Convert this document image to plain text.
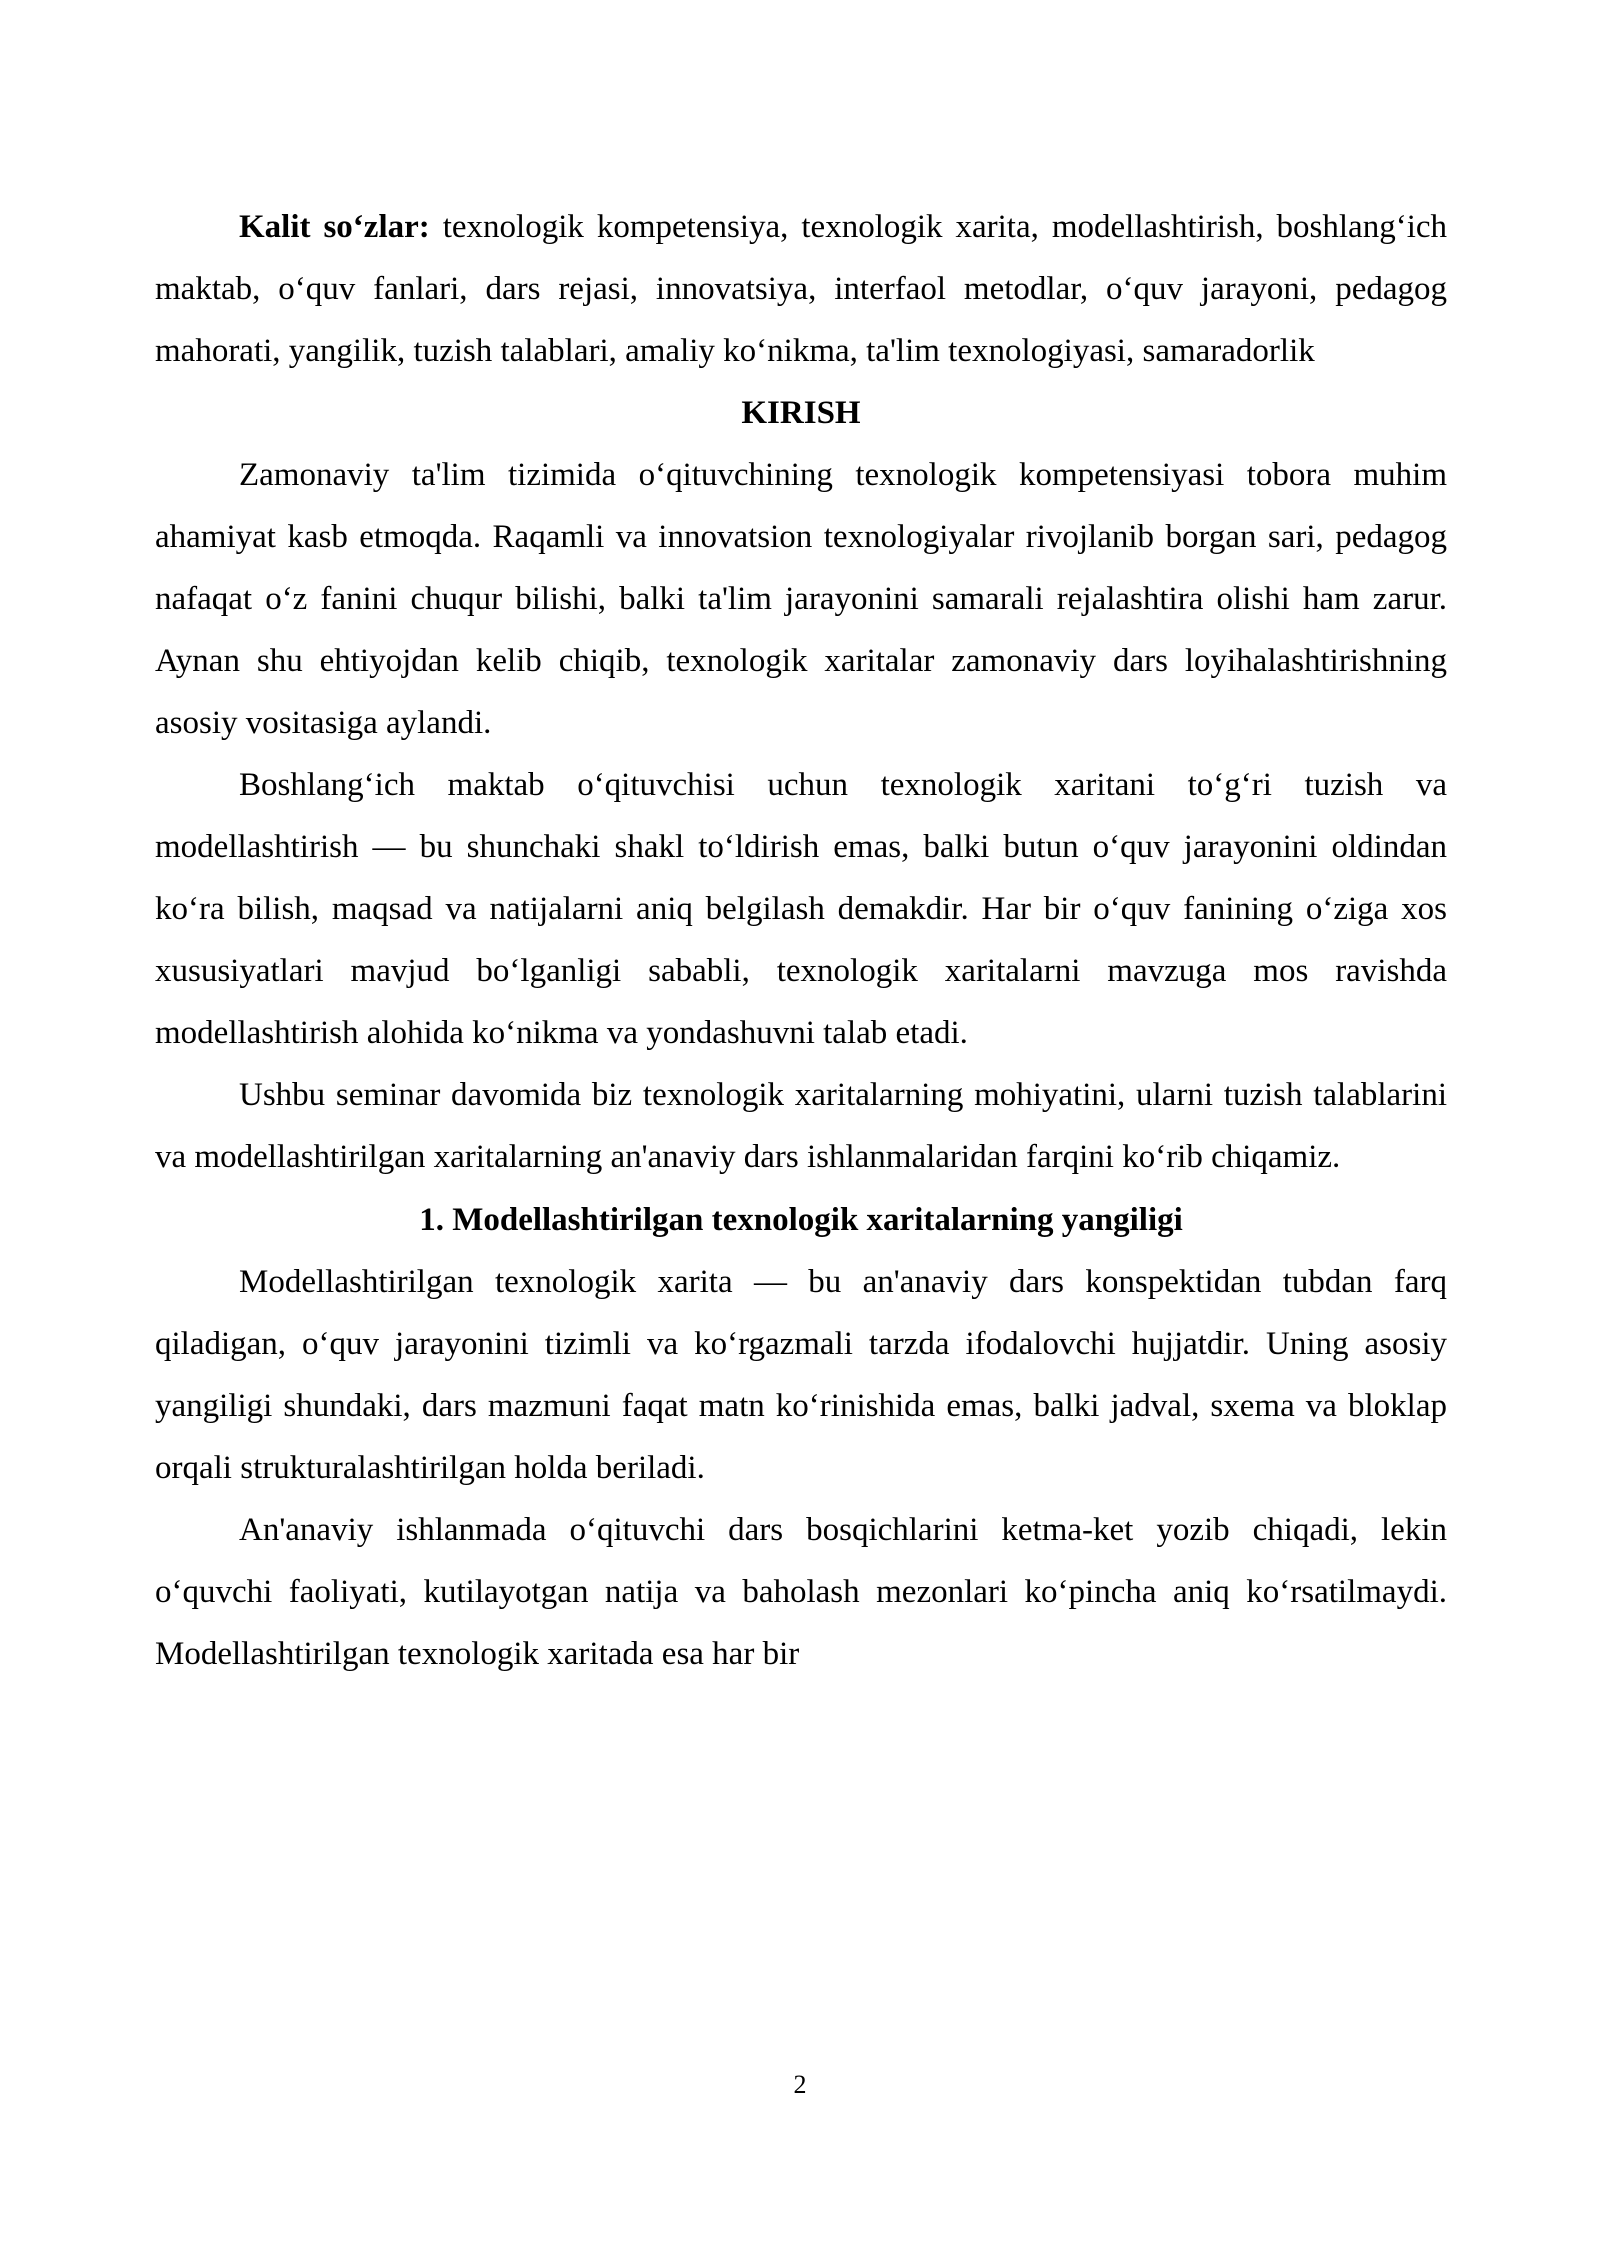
Kalit so‘zlar: texnologik kompetensiya, texnologik xarita, modellashtirish, boshlang‘ich maktab, o‘quv fanlari, dars rejasi, innovatsiya, interfaol metodlar, o‘quv jarayoni, pedagog mahorati, yangilik, tuzish talablari, amaliy ko‘nikma, ta'lim texnologiyasi, samaradorlik

KIRISH

Zamonaviy ta'lim tizimida o‘qituvchining texnologik kompetensiyasi tobora muhim ahamiyat kasb etmoqda. Raqamli va innovatsion texnologiyalar rivojlanib borgan sari, pedagog nafaqat o‘z fanini chuqur bilishi, balki ta'lim jarayonini samarali rejalashtira olishi ham zarur. Aynan shu ehtiyojdan kelib chiqib, texnologik xaritalar zamonaviy dars loyihalashtirishning asosiy vositasiga aylandi.

Boshlang‘ich maktab o‘qituvchisi uchun texnologik xaritani to‘g‘ri tuzish va modellashtirish — bu shunchaki shakl to‘ldirish emas, balki butun o‘quv jarayonini oldindan ko‘ra bilish, maqsad va natijalarni aniq belgilash demakdir. Har bir o‘quv fanining o‘ziga xos xususiyatlari mavjud bo‘lganligi sababli, texnologik xaritalarni mavzuga mos ravishda modellashtirish alohida ko‘nikma va yondashuvni talab etadi.

Ushbu seminar davomida biz texnologik xaritalarning mohiyatini, ularni tuzish talablarini va modellashtirilgan xaritalarning an'anaviy dars ishlanmalaridan farqini ko‘rib chiqamiz.

1. Modellashtirilgan texnologik xaritalarning yangiligi

Modellashtirilgan texnologik xarita — bu an'anaviy dars konspektidan tubdan farq qiladigan, o‘quv jarayonini tizimli va ko‘rgazmali tarzda ifodalovchi hujjatdir. Uning asosiy yangiligi shundaki, dars mazmuni faqat matn ko‘rinishida emas, balki jadval, sxema va bloklap orqali strukturalashtirilgan holda beriladi.

An'anaviy ishlanmada o‘qituvchi dars bosqichlarini ketma-ket yozib chiqadi, lekin o‘quvchi faoliyati, kutilayotgan natija va baholash mezonlari ko‘pincha aniq ko‘rsatilmaydi. Modellashtirilgan texnologik xaritada esa har bir

2
